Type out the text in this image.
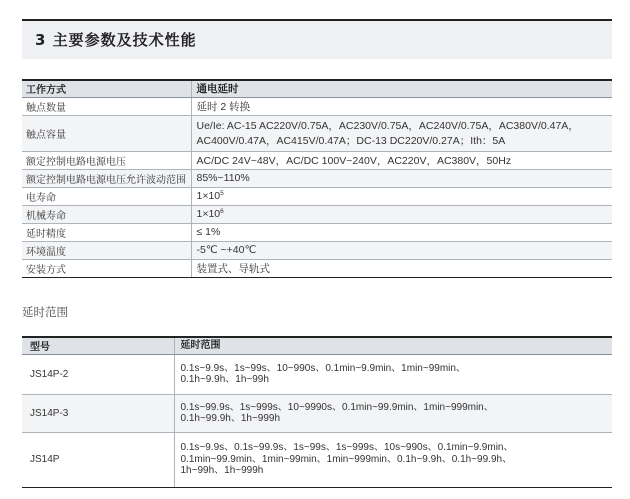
3 主要参数及技术性能
工作方式	通电延时
触点数量	延时 2 转换
触点容量	Ue/Ie: AC-15 AC220V/0.75A，AC230V/0.75A，AC240V/0.75A，AC380V/0.47A，
AC400V/0.47A，AC415V/0.47A；DC-13 DC220V/0.27A；Ith：5A

额定控制电路电源电压	AC/DC 24V~48V，AC/DC 100V~240V，AC220V，AC380V，50Hz
额定控制电路电源电压允许波动范围	85%~110%
电寿命	$1\times 10^5$
机械寿命	$1\times 10^6$
延时精度	≤ 1%
环境温度	-5℃ ~+40℃
安装方式	装置式、导轨式
延时范围
型号	延时范围
JS14P-2	0.1s~9.9s、1s~99s、10~990s、0.1min~9.9min、1min~99min、
0.1h~9.9h、1h~99h

JS14P-3	0.1s~99.9s、1s~999s、10~9990s、0.1min~99.9min、1min~999min、
0.1h~99.9h、1h~999h

JS14P	0.1s~9.9s、0.1s~99.9s、1s~99s、1s~999s、10s~990s、0.1min~9.9min、
0.1min~99.9min、1min~99min、1min~999min、0.1h~9.9h、0.1h~99.9h、
1h~99h、1h~999h
